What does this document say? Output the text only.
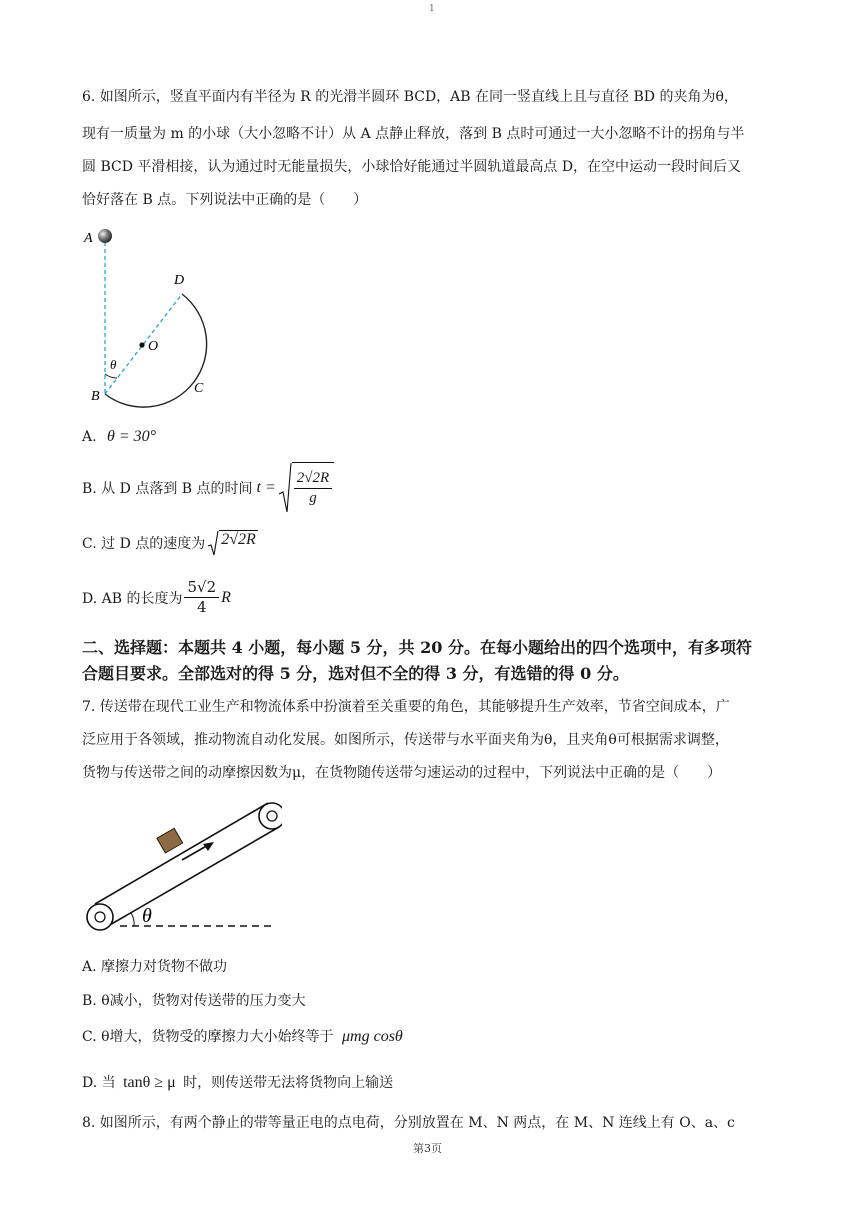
1
6. 如图所示，竖直平面内有半径为 R 的光滑半圆环 BCD，AB 在同一竖直线上且与直径 BD 的夹角为θ，
现有一质量为 m 的小球（大小忽略不计）从 A 点静止释放，落到 B 点时可通过一大小忽略不计的拐角与半
圆 BCD 平滑相接，认为通过时无能量损失，小球恰好能通过半圆轨道最高点 D，在空中运动一段时间后又
恰好落在 B 点。下列说法中正确的是（　　）
A
D
O
θ
B
C
A. θ = 30°
B. 从 D 点落到 B 点的时间 $t = \frac{2√2R}{g}$
C. 过 D 点的速度为 2√2R
D. AB 的长度为 $\frac{5√2}{4}$ R
二、选择题：本题共 4 小题，每小题 5 分，共 20 分。在每小题给出的四个选项中，有多项符
合题目要求。全部选对的得 5 分，选对但不全的得 3 分，有选错的得 0 分。
7. 传送带在现代工业生产和物流体系中扮演着至关重要的角色，其能够提升生产效率，节省空间成本，广
泛应用于各领域，推动物流自动化发展。如图所示，传送带与水平面夹角为θ，且夹角θ可根据需求调整，
货物与传送带之间的动摩擦因数为μ，在货物随传送带匀速运动的过程中，下列说法中正确的是（　　）
θ
A. 摩擦力对货物不做功
B. θ减小，货物对传送带的压力变大
C. θ增大，货物受的摩擦力大小始终等于 μmg cosθ
D. 当 tanθ ≥ μ 时，则传送带无法将货物向上输送
8. 如图所示，有两个静止的带等量正电的点电荷，分别放置在 M、N 两点，在 M、N 连线上有 O、a、c
第3页
